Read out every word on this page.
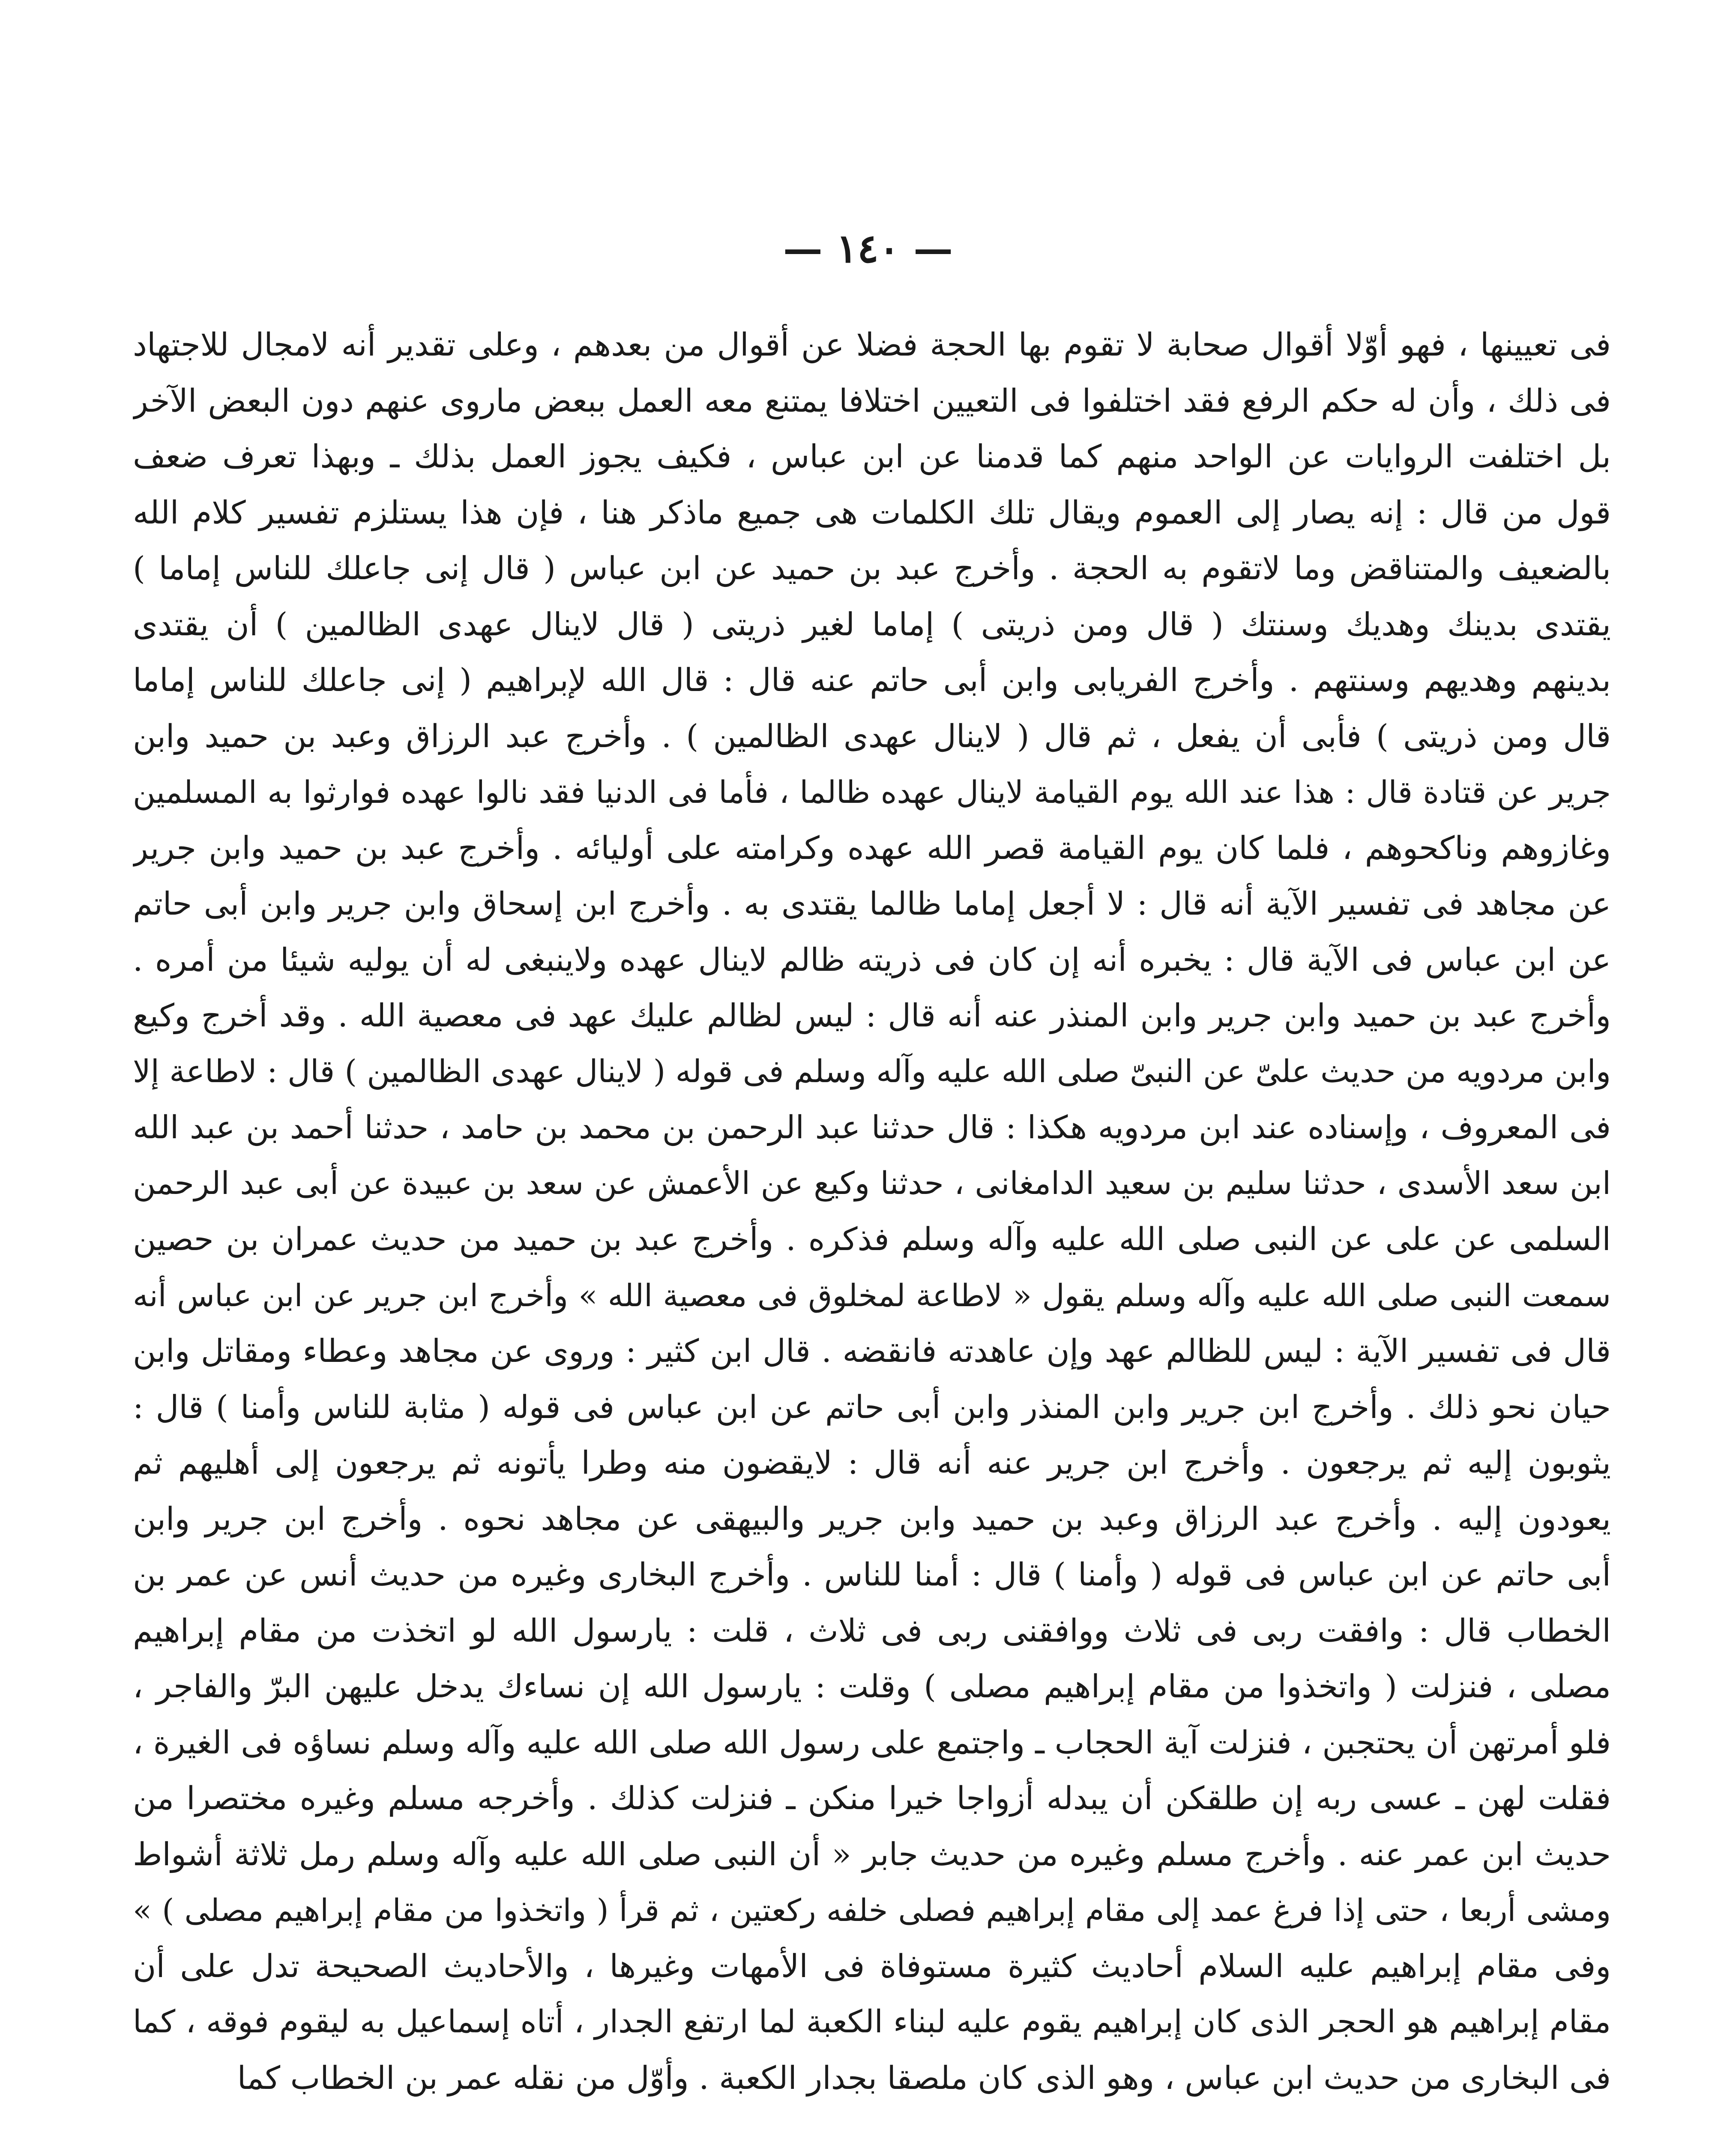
— ١٤٠ —
فى تعيينها ، فهو أوّلا أقوال صحابة لا تقوم بها الحجة فضلا عن أقوال من بعدهم ، وعلى تقدير أنه لامجال للاجتهاد
فى ذلك ، وأن له حكم الرفع فقد اختلفوا فى التعيين اختلافا يمتنع معه العمل ببعض ماروى عنهم دون البعض الآخر
بل اختلفت الروايات عن الواحد منهم كما قدمنا عن ابن عباس ، فكيف يجوز العمل بذلك ـ وبهذا تعرف ضعف
قول من قال : إنه يصار إلى العموم ويقال تلك الكلمات هى جميع ماذكر هنا ، فإن هذا يستلزم تفسير كلام الله
بالضعيف والمتناقض وما لاتقوم به الحجة . وأخرج عبد بن حميد عن ابن عباس ( قال إنى جاعلك للناس إماما )
يقتدى بدينك وهديك وسنتك ( قال ومن ذريتى ) إماما لغير ذريتى ( قال لاينال عهدى الظالمين ) أن يقتدى
بدينهم وهديهم وسنتهم . وأخرج الفريابى وابن أبى حاتم عنه قال : قال الله لإبراهيم ( إنى جاعلك للناس إماما
قال ومن ذريتى ) فأبى أن يفعل ، ثم قال ( لاينال عهدى الظالمين ) . وأخرج عبد الرزاق وعبد بن حميد وابن
جرير عن قتادة قال : هذا عند الله يوم القيامة لاينال عهده ظالما ، فأما فى الدنيا فقد نالوا عهده فوارثوا به المسلمين
وغازوهم وناكحوهم ، فلما كان يوم القيامة قصر الله عهده وكرامته على أوليائه . وأخرج عبد بن حميد وابن جرير
عن مجاهد فى تفسير الآية أنه قال : لا أجعل إماما ظالما يقتدى به . وأخرج ابن إسحاق وابن جرير وابن أبى حاتم
عن ابن عباس فى الآية قال : يخبره أنه إن كان فى ذريته ظالم لاينال عهده ولاينبغى له أن يوليه شيئا من أمره .
وأخرج عبد بن حميد وابن جرير وابن المنذر عنه أنه قال : ليس لظالم عليك عهد فى معصية الله . وقد أخرج وكيع
وابن مردويه من حديث علىّ عن النبىّ صلى الله عليه وآله وسلم فى قوله ( لاينال عهدى الظالمين ) قال : لاطاعة إلا
فى المعروف ، وإسناده عند ابن مردويه هكذا : قال حدثنا عبد الرحمن بن محمد بن حامد ، حدثنا أحمد بن عبد الله
ابن سعد الأسدى ، حدثنا سليم بن سعيد الدامغانى ، حدثنا وكيع عن الأعمش عن سعد بن عبيدة عن أبى عبد الرحمن
السلمى عن على عن النبى صلى الله عليه وآله وسلم فذكره . وأخرج عبد بن حميد من حديث عمران بن حصين
سمعت النبى صلى الله عليه وآله وسلم يقول « لاطاعة لمخلوق فى معصية الله » وأخرج ابن جرير عن ابن عباس أنه
قال فى تفسير الآية : ليس للظالم عهد وإن عاهدته فانقضه . قال ابن كثير : وروى عن مجاهد وعطاء ومقاتل وابن
حيان نحو ذلك . وأخرج ابن جرير وابن المنذر وابن أبى حاتم عن ابن عباس فى قوله ( مثابة للناس وأمنا ) قال :
يثوبون إليه ثم يرجعون . وأخرج ابن جرير عنه أنه قال : لايقضون منه وطرا يأتونه ثم يرجعون إلى أهليهم ثم
يعودون إليه . وأخرج عبد الرزاق وعبد بن حميد وابن جرير والبيهقى عن مجاهد نحوه . وأخرج ابن جرير وابن
أبى حاتم عن ابن عباس فى قوله ( وأمنا ) قال : أمنا للناس . وأخرج البخارى وغيره من حديث أنس عن عمر بن
الخطاب قال : وافقت ربى فى ثلاث ووافقنى ربى فى ثلاث ، قلت : يارسول الله لو اتخذت من مقام إبراهيم
مصلى ، فنزلت ( واتخذوا من مقام إبراهيم مصلى ) وقلت : يارسول الله إن نساءك يدخل عليهن البرّ والفاجر ،
فلو أمرتهن أن يحتجبن ، فنزلت آية الحجاب ـ واجتمع على رسول الله صلى الله عليه وآله وسلم نساؤه فى الغيرة ،
فقلت لهن ـ عسى ربه إن طلقكن أن يبدله أزواجا خيرا منكن ـ فنزلت كذلك . وأخرجه مسلم وغيره مختصرا من
حديث ابن عمر عنه . وأخرج مسلم وغيره من حديث جابر « أن النبى صلى الله عليه وآله وسلم رمل ثلاثة أشواط
ومشى أربعا ، حتى إذا فرغ عمد إلى مقام إبراهيم فصلى خلفه ركعتين ، ثم قرأ ( واتخذوا من مقام إبراهيم مصلى ) »
وفى مقام إبراهيم عليه السلام أحاديث كثيرة مستوفاة فى الأمهات وغيرها ، والأحاديث الصحيحة تدل على أن
مقام إبراهيم هو الحجر الذى كان إبراهيم يقوم عليه لبناء الكعبة لما ارتفع الجدار ، أتاه إسماعيل به ليقوم فوقه ، كما
فى البخارى من حديث ابن عباس ، وهو الذى كان ملصقا بجدار الكعبة . وأوّل من نقله عمر بن الخطاب كما
